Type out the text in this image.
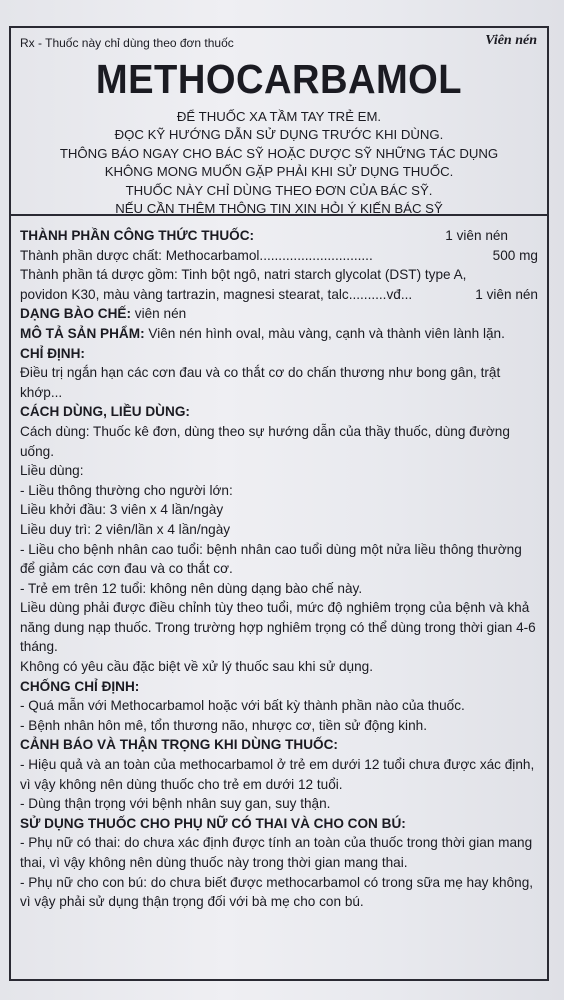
Rx - Thuốc này chỉ dùng theo đơn thuốc	Viên nén
METHOCARBAMOL
ĐỂ THUỐC XA TẦM TAY TRẺ EM.
ĐỌC KỸ HƯỚNG DẪN SỬ DỤNG TRƯỚC KHI DÙNG.
THÔNG BÁO NGAY CHO BÁC SỸ HOẶC DƯỢC SỸ NHỮNG TÁC DỤNG
KHÔNG MONG MUỐN GẶP PHẢI KHI SỬ DỤNG THUỐC.
THUỐC NÀY CHỈ DÙNG THEO ĐƠN CỦA BÁC SỸ.
NẾU CẦN THÊM THÔNG TIN XIN HỎI Ý KIẾN BÁC SỸ
THÀNH PHẦN CÔNG THỨC THUỐC:	1 viên nén
Thành phần dược chất: Methocarbamol..............................	500 mg

Thành phần tá dược gồm: Tinh bột ngô, natri starch glycolat (DST) type A,

povidon K30, màu vàng tartrazin, magnesi stearat, talc..........vđ...	1 viên nén

DẠNG BÀO CHẾ: viên nén

MÔ TẢ SẢN PHẨM: Viên nén hình oval, màu vàng, cạnh và thành viên lành lặn.

CHỈ ĐỊNH:

Điều trị ngắn hạn các cơn đau và co thắt cơ do chấn thương như bong gân, trật khớp...

CÁCH DÙNG, LIỀU DÙNG:

Cách dùng: Thuốc kê đơn, dùng theo sự hướng dẫn của thầy thuốc, dùng đường uống.

Liều dùng:

- Liều thông thường cho người lớn:

Liều khởi đầu: 3 viên x 4 lần/ngày

Liều duy trì: 2 viên/lần x 4 lần/ngày

- Liều cho bệnh nhân cao tuổi: bệnh nhân cao tuổi dùng một nửa liều thông thường để giảm các cơn đau và co thắt cơ.

- Trẻ em trên 12 tuổi: không nên dùng dạng bào chế này.

Liều dùng phải được điều chỉnh tùy theo tuổi, mức độ nghiêm trọng của bệnh và khả năng dung nạp thuốc. Trong trường hợp nghiêm trọng có thể dùng trong thời gian 4-6 tháng.

Không có yêu cầu đặc biệt về xử lý thuốc sau khi sử dụng.

CHỐNG CHỈ ĐỊNH:

- Quá mẫn với Methocarbamol hoặc với bất kỳ thành phần nào của thuốc.

- Bệnh nhân hôn mê, tổn thương não, nhược cơ, tiền sử động kinh.

CẢNH BÁO VÀ THẬN TRỌNG KHI DÙNG THUỐC:

- Hiệu quả và an toàn của methocarbamol ở trẻ em dưới 12 tuổi chưa được xác định, vì vậy không nên dùng thuốc cho trẻ em dưới 12 tuổi.

- Dùng thận trọng với bệnh nhân suy gan, suy thận.

SỬ DỤNG THUỐC CHO PHỤ NỮ CÓ THAI VÀ CHO CON BÚ:

- Phụ nữ có thai: do chưa xác định được tính an toàn của thuốc trong thời gian mang thai, vì vậy không nên dùng thuốc này trong thời gian mang thai.

- Phụ nữ cho con bú: do chưa biết được methocarbamol có trong sữa mẹ hay không, vì vậy phải sử dụng thận trọng đối với bà mẹ cho con bú.
